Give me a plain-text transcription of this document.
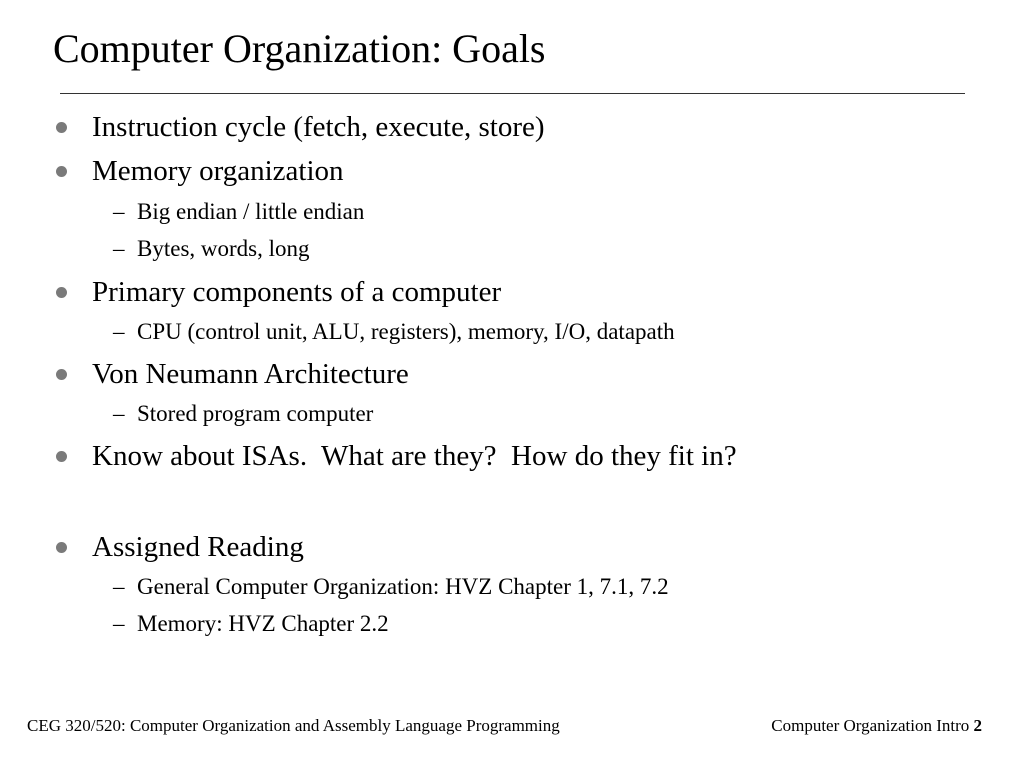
Computer Organization: Goals
Instruction cycle (fetch, execute, store)
Memory organization
– Big endian / little endian
– Bytes, words, long
Primary components of a computer
– CPU (control unit, ALU, registers), memory, I/O, datapath
Von Neumann Architecture
– Stored program computer
Know about ISAs.  What are they?  How do they fit in?
Assigned Reading
– General Computer Organization: HVZ Chapter 1, 7.1, 7.2
– Memory: HVZ Chapter 2.2
CEG 320/520: Computer Organization and Assembly Language Programming	Computer Organization Intro 2
